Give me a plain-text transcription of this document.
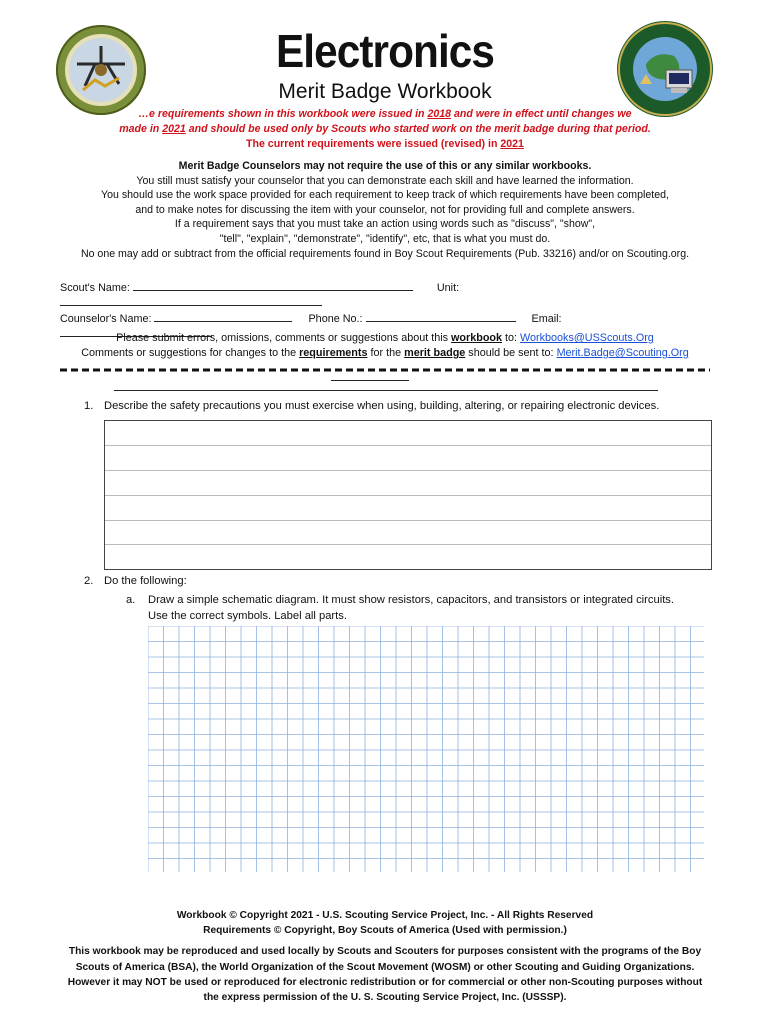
Electronics
Merit Badge Workbook
…e requirements shown in this workbook were issued in 2018 and were in effect until changes we
made in 2021 and should be used only by Scouts who started work on the merit badge during that period.
The current requirements were issued (revised) in 2021
Merit Badge Counselors may not require the use of this or any similar workbooks.
You still must satisfy your counselor that you can demonstrate each skill and have learned the information.
You should use the work space provided for each requirement to keep track of which requirements have been completed,
and to make notes for discussing the item with your counselor, not for providing full and complete answers.
If a requirement says that you must take an action using words such as "discuss", "show",
"tell", "explain", "demonstrate", "identify", etc, that is what you must do.
No one may add or subtract from the official requirements found in Boy Scout Requirements (Pub. 33216) and/or on Scouting.org.
Scout's Name:	Unit:
Counselor's Name:	Phone No.:	Email:
Please submit errors, omissions, comments or suggestions about this workbook to: Workbooks@USScouts.Org
Comments or suggestions for changes to the requirements for the merit badge should be sent to: Merit.Badge@Scouting.Org
1. Describe the safety precautions you must exercise when using, building, altering, or repairing electronic devices.
2. Do the following:
a. Draw a simple schematic diagram. It must show resistors, capacitors, and transistors or integrated circuits.
Use the correct symbols. Label all parts.
Workbook © Copyright 2021 - U.S. Scouting Service Project, Inc. - All Rights Reserved
Requirements © Copyright, Boy Scouts of America (Used with permission.)
This workbook may be reproduced and used locally by Scouts and Scouters for purposes consistent with the programs of the Boy
Scouts of America (BSA), the World Organization of the Scout Movement (WOSM) or other Scouting and Guiding Organizations.
However it may NOT be used or reproduced for electronic redistribution or for commercial or other non-Scouting purposes without
the express permission of the U. S. Scouting Service Project, Inc. (USSSP).
